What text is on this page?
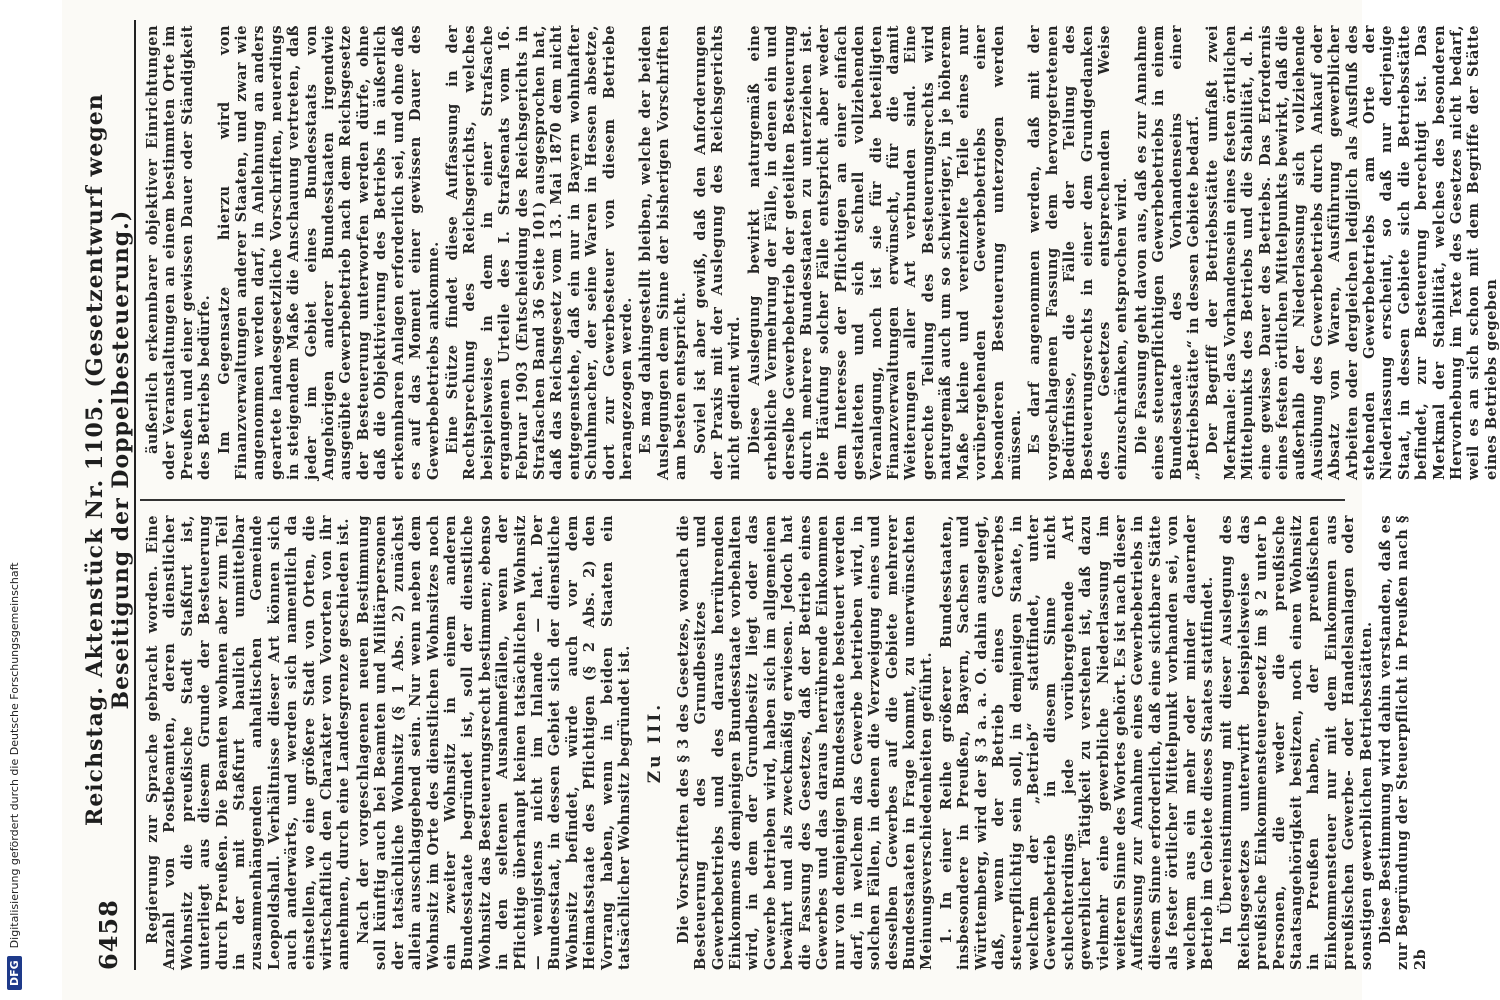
DFG
Digitalisierung gefördert durch die Deutsche Forschungsgemeinschaft	6458
Reichstag. Aktenstück Nr. 1105. (Gesetzentwurf wegen Beseitigung der Doppelbesteuerung.)

Regierung zur Sprache gebracht worden. Eine Anzahl von Postbeamten, deren dienstlicher Wohnsitz die preußische Stadt Staßfurt ist, unterliegt aus diesem Grunde der Besteuerung durch Preußen. Die Beamten wohnen aber zum Teil in der mit Staßfurt baulich unmittelbar zusammenhängenden anhaltischen Gemeinde Leopoldshall. Verhältnisse dieser Art können sich auch anderwärts, und werden sich namentlich da einstellen, wo eine größere Stadt von Orten, die wirtschaftlich den Charakter von Vororten von ihr annehmen, durch eine Landesgrenze geschieden ist. Nach der vorgeschlagenen neuen Bestimmung soll künftig auch bei Beamten und Militärpersonen der tatsächliche Wohnsitz (§ 1 Abs. 2) zunächst allein ausschlaggebend sein. Nur wenn neben dem Wohnsitz im Orte des dienstlichen Wohnsitzes noch ein zweiter Wohnsitz in einem anderen Bundesstaate begründet ist, soll der dienstliche Wohnsitz das Besteuerungsrecht bestimmen; ebenso in den seltenen Ausnahmefällen, wenn der Pflichtige überhaupt keinen tatsächlichen Wohnsitz — wenigstens nicht im Inlande — hat. Der Bundesstaat, in dessen Gebiet sich der dienstliche Wohnsitz befindet, würde auch vor dem Heimatsstaate des Pflichtigen (§ 2 Abs. 2) den Vorrang haben, wenn in beiden Staaten ein tatsächlicher Wohnsitz begründet ist. Zu III. Die Vorschriften des § 3 des Gesetzes, wonach die Besteuerung des Grundbesitzes und Gewerbebetriebs und des daraus herrührenden Einkommens demjenigen Bundesstaate vorbehalten wird, in dem der Grundbesitz liegt oder das Gewerbe betrieben wird, haben sich im allgemeinen bewährt und als zweckmäßig erwiesen. Jedoch hat die Fassung des Gesetzes, daß der Betrieb eines Gewerbes und das daraus herrührende Einkommen nur von demjenigen Bundesstaate besteuert werden darf, in welchem das Gewerbe betrieben wird, in solchen Fällen, in denen die Verzweigung eines und desselben Gewerbes auf die Gebiete mehrerer Bundesstaaten in Frage kommt, zu unerwünschten Meinungsverschiedenheiten geführt. 1. In einer Reihe größerer Bundesstaaten, insbesondere in Preußen, Bayern, Sachsen und Württemberg, wird der § 3 a. a. O. dahin ausgelegt, daß, wenn der Betrieb eines Gewerbes steuerpflichtig sein soll, in demjenigen Staate, in welchem der „Betrieb“ stattfindet, unter Gewerbebetrieb in diesem Sinne nicht schlechterdings jede vorübergehende Art gewerblicher Tätigkeit zu verstehen ist, daß dazu vielmehr eine gewerbliche Niederlassung im weiteren Sinne des Wortes gehört. Es ist nach dieser Auffassung zur Annahme eines Gewerbebetriebs in diesem Sinne erforderlich, daß eine sichtbare Stätte als fester örtlicher Mittelpunkt vorhanden sei, von welchem aus ein mehr oder minder dauernder Betrieb im Gebiete dieses Staates stattfindet. In Übereinstimmung mit dieser Auslegung des Reichsgesetzes unterwirft beispielsweise das preußische Einkommensteuergesetz im § 2 unter b Personen, die weder die preußische Staatsangehörigkeit besitzen, noch einen Wohnsitz in Preußen haben, der preußischen Einkommensteuer nur mit dem Einkommen aus preußischen Gewerbe- oder Handelsanlagen oder sonstigen gewerblichen Betriebsstätten. Diese Bestimmung wird dahin verstanden, daß es zur Begründung der Steuerpflicht in Preußen nach § 2b

äußerlich erkennbarer objektiver Einrichtungen oder Veranstaltungen an einem bestimmten Orte im Preußen und einer gewissen Dauer oder Ständigkeit des Betriebs bedürfe. Im Gegensatze hierzu wird von Finanzverwaltungen anderer Staaten, und zwar wie angenommen werden darf, in Anlehnung an anders geartete landesgesetzliche Vorschriften, neuerdings in steigendem Maße die Anschauung vertreten, daß jeder im Gebiet eines Bundesstaats von Angehörigen anderer Bundesstaaten irgendwie ausgeübte Gewerbebetrieb nach dem Reichsgesetze der Besteuerung unterworfen werden dürfe, ohne daß die Objektivierung des Betriebs in äußerlich erkennbaren Anlagen erforderlich sei, und ohne daß es auf das Moment einer gewissen Dauer des Gewerbebetriebs ankomme. Eine Stütze findet diese Auffassung in der Rechtsprechung des Reichsgerichts, welches beispielsweise in dem in einer Strafsache ergangenen Urteile des I. Strafsenats vom 16. Februar 1903 (Entscheidung des Reichsgerichts in Strafsachen Band 36 Seite 101) ausgesprochen hat, daß das Reichsgesetz vom 13. Mai 1870 dem nicht entgegenstehe, daß ein nur in Bayern wohnhafter Schuhmacher, der seine Waren in Hessen absetze, dort zur Gewerbesteuer von diesem Betriebe herangezogen werde. Es mag dahingestellt bleiben, welche der beiden Auslegungen dem Sinne der bisherigen Vorschriften am besten entspricht. Soviel ist aber gewiß, daß den Anforderungen der Praxis mit der Auslegung des Reichsgerichts nicht gedient wird. Diese Auslegung bewirkt naturgemäß eine erhebliche Vermehrung der Fälle, in denen ein und derselbe Gewerbebetrieb der geteilten Besteuerung durch mehrere Bundesstaaten zu unterziehen ist. Die Häufung solcher Fälle entspricht aber weder dem Interesse der Pflichtigen an einer einfach gestalteten und sich schnell vollziehenden Veranlagung, noch ist sie für die beteiligten Finanzverwaltungen erwünscht, für die damit Weiterungen aller Art verbunden sind. Eine gerechte Teilung des Besteuerungsrechts wird naturgemäß auch um so schwieriger, in je höherem Maße kleine und vereinzelte Teile eines nur vorübergehenden Gewerbebetriebs einer besonderen Besteuerung unterzogen werden müssen. Es darf angenommen werden, daß mit der vorgeschlagenen Fassung dem hervorgetretenen Bedürfnisse, die Fälle der Teilung des Besteuerungsrechts in einer dem Grundgedanken des Gesetzes entsprechenden Weise einzuschränken, entsprochen wird. Die Fassung geht davon aus, daß es zur Annahme eines steuerpflichtigen Gewerbebetriebs in einem Bundesstaate des Vorhandenseins einer „Betriebsstätte“ in dessen Gebiete bedarf. Der Begriff der Betriebsstätte umfaßt zwei Merkmale: das Vorhandensein eines festen örtlichen Mittelpunkts des Betriebs und die Stabilität, d. h. eine gewisse Dauer des Betriebs. Das Erfordernis eines festen örtlichen Mittelpunkts bewirkt, daß die außerhalb der Niederlassung sich vollziehende Ausübung des Gewerbebetriebs durch Ankauf oder Absatz von Waren, Ausführung gewerblicher Arbeiten oder dergleichen lediglich als Ausfluß des stehenden Gewerbebetriebs am Orte der Niederlassung erscheint, so daß nur derjenige Staat, in dessen Gebiete sich die Betriebsstätte befindet, zur Besteuerung berechtigt ist. Das Merkmal der Stabilität, welches des besonderen Hervorhebung im Texte des Gesetzes nicht bedarf, weil es an sich schon mit dem Begriffe der Stätte eines Betriebs gegeben
